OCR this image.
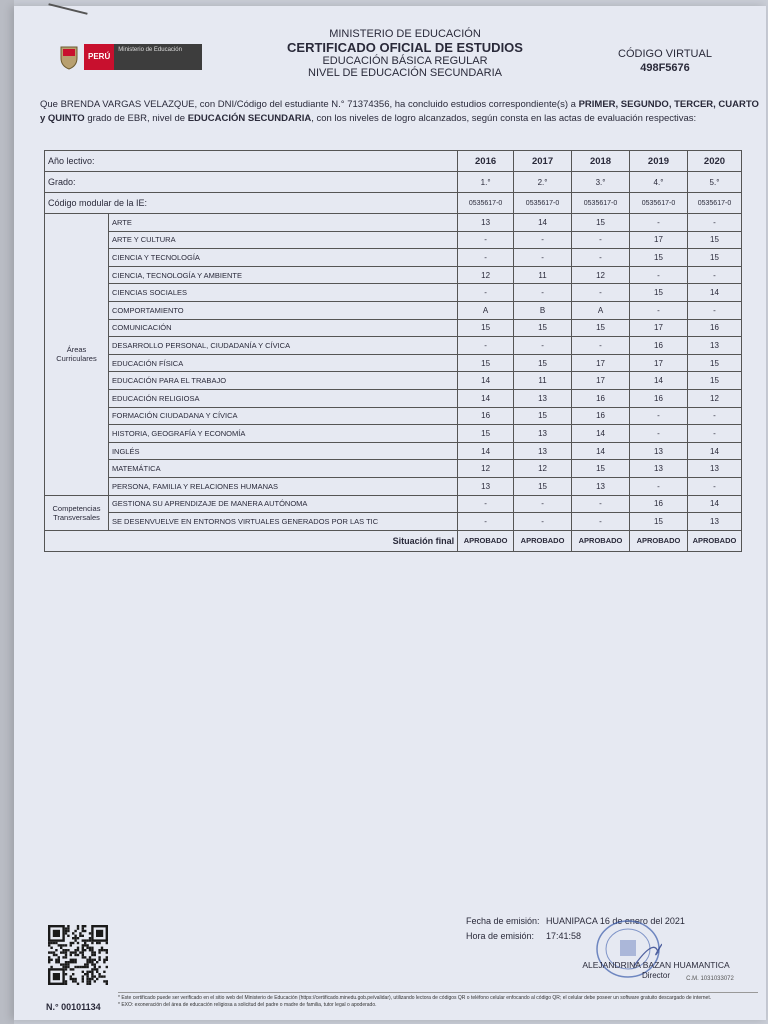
PERÚ
Ministerio de Educación
MINISTERIO DE EDUCACIÓN
CERTIFICADO OFICIAL DE ESTUDIOS
EDUCACIÓN BÁSICA REGULAR
NIVEL DE EDUCACIÓN SECUNDARIA
CÓDIGO VIRTUAL
498F5676
Que BRENDA VARGAS VELAZQUE, con DNI/Código del estudiante N.° 71374356, ha concluido estudios correspondiente(s) a PRIMER, SEGUNDO, TERCER, CUARTO y QUINTO grado de EBR, nivel de EDUCACIÓN SECUNDARIA, con los niveles de logro alcanzados, según consta en las actas de evaluación respectivas:
Año lectivo:		2016	2017	2018	2019	2020
Grado:		1.°	2.°	3.°	4.°	5.°
Código modular de la IE:		0535617-0	0535617-0	0535617-0	0535617-0	0535617-0
Áreas Curriculares	ARTE	13	14	15	-	-
	ARTE Y CULTURA	-	-	-	17	15
	CIENCIA Y TECNOLOGÍA	-	-	-	15	15
	CIENCIA, TECNOLOGÍA Y AMBIENTE	12	11	12	-	-
	CIENCIAS SOCIALES	-	-	-	15	14
	COMPORTAMIENTO	A	B	A	-	-
	COMUNICACIÓN	15	15	15	17	16
	DESARROLLO PERSONAL, CIUDADANÍA Y CÍVICA	-	-	-	16	13
	EDUCACIÓN FÍSICA	15	15	17	17	15
	EDUCACIÓN PARA EL TRABAJO	14	11	17	14	15
	EDUCACIÓN RELIGIOSA	14	13	16	16	12
	FORMACIÓN CIUDADANA Y CÍVICA	16	15	16	-	-
	HISTORIA, GEOGRAFÍA Y ECONOMÍA	15	13	14	-	-
	INGLÉS	14	13	14	13	14
	MATEMÁTICA	12	12	15	13	13
	PERSONA, FAMILIA Y RELACIONES HUMANAS	13	15	13	-	-
Competencias Transversales	GESTIONA SU APRENDIZAJE DE MANERA AUTÓNOMA	-	-	-	16	14
	SE DESENVUELVE EN ENTORNOS VIRTUALES GENERADOS POR LAS TIC	-	-	-	15	13
Situación final		APROBADO	APROBADO	APROBADO	APROBADO	APROBADO
N.° 00101134
Fecha de emisión: HUANIPACA 16 de enero del 2021
Hora de emisión: 17:41:58
ALEJANDRINA BAZAN HUAMANTICA
Director	C.M. 1031033072
* Este certificado puede ser verificado en el sitio web del Ministerio de Educación (https://certificado.minedu.gob.pe/validar), utilizando lectora de códigos QR o teléfono celular enfocando al código QR; el celular debe poseer un software gratuito descargado de internet.
* EXO: exoneración del área de educación religiosa a solicitud del padre o madre de familia, tutor legal o apoderado.
